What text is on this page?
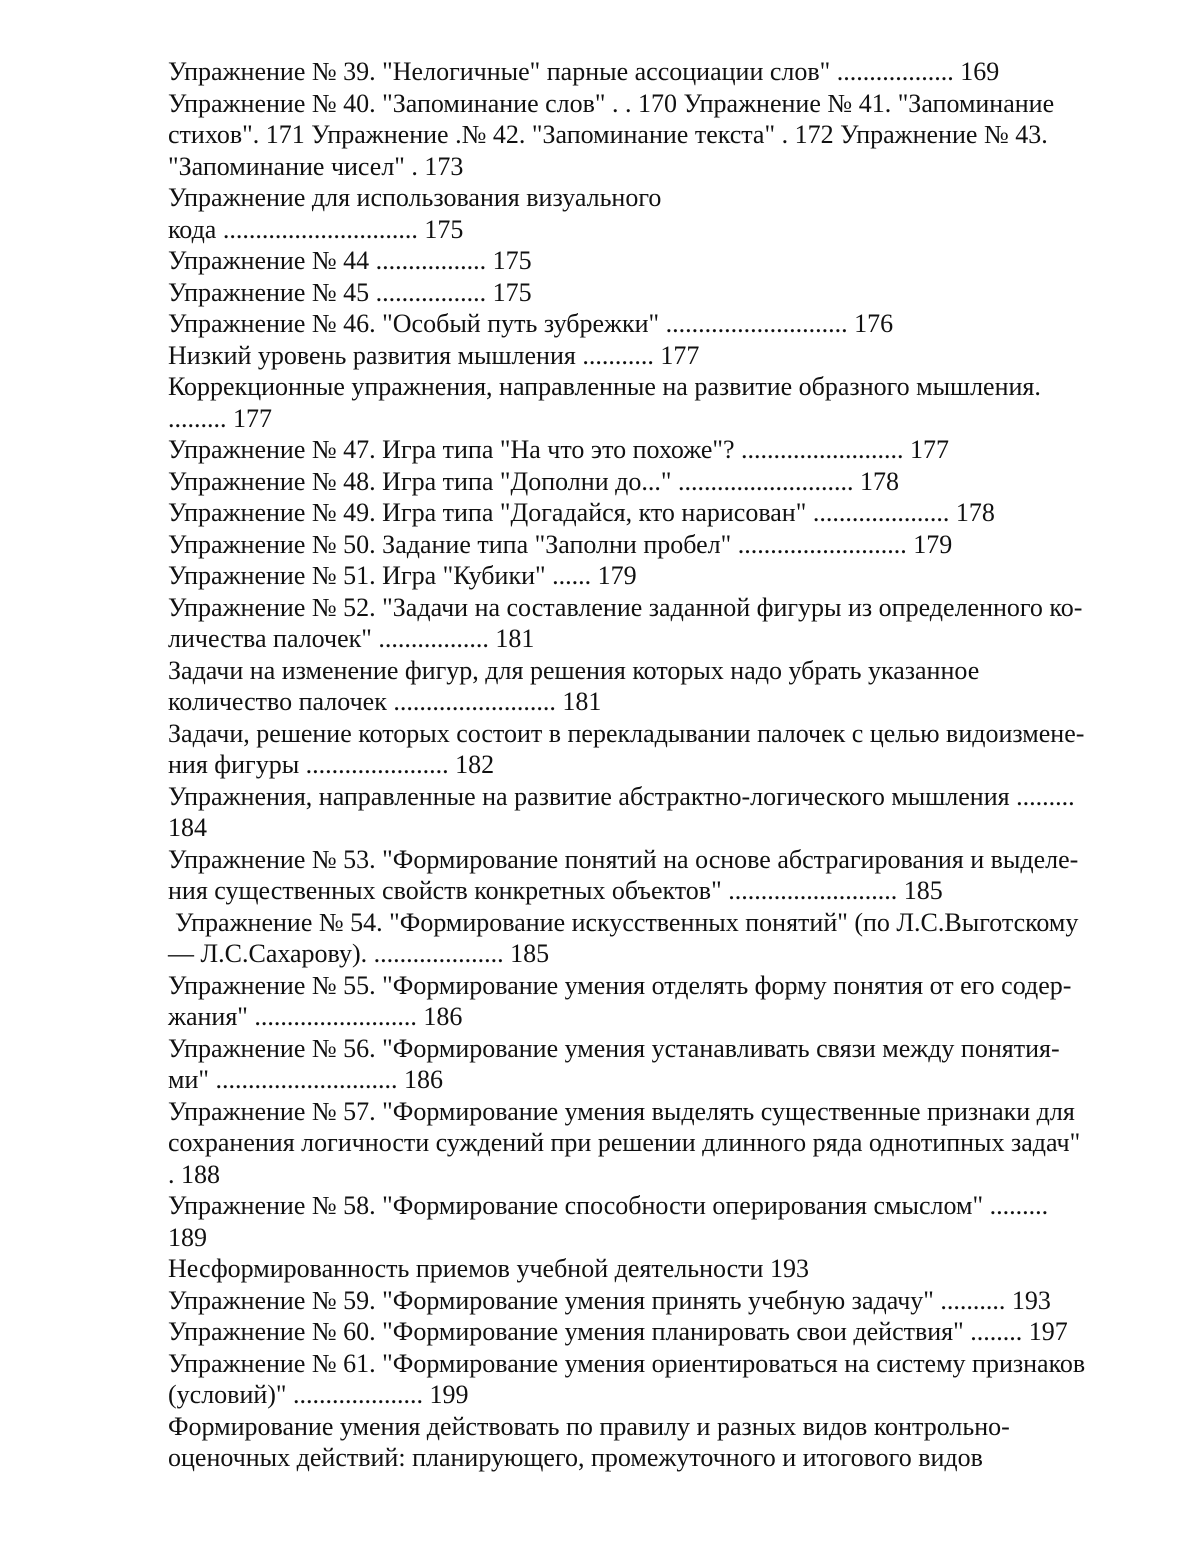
Упражнение № 39. "Нелогичные" парные ассоциации слов" .................. 169
Упражнение № 40. "Запоминание слов" . . 170 Упражнение № 41. "Запоминание
стихов". 171 Упражнение .№ 42. "Запоминание текста" . 172 Упражнение № 43.
"Запоминание чисел" . 173
Упражнение для использования визуального
кода .............................. 175
Упражнение № 44 ................. 175
Упражнение № 45 ................. 175
Упражнение № 46. "Особый путь зубрежки" ............................ 176
Низкий уровень развития мышления ........... 177
Коррекционные упражнения, направленные на развитие образного мышления.
......... 177
Упражнение № 47. Игра типа "На что это похоже"? ......................... 177
Упражнение № 48. Игра типа "Дополни до..." ........................... 178
Упражнение № 49. Игра типа "Догадайся, кто нарисован" ..................... 178
Упражнение № 50. Задание типа "Заполни пробел" .......................... 179
Упражнение № 51. Игра "Кубики" ...... 179
Упражнение № 52. "Задачи на составление заданной фигуры из определенного ко-
личества палочек" ................. 181
Задачи на изменение фигур, для решения которых надо убрать указанное
количество палочек ......................... 181
Задачи, решение которых состоит в перекладывании палочек с целью видоизмене-
ния фигуры ...................... 182
Упражнения, направленные на развитие абстрактно-логического мышления .........
184
Упражнение № 53. "Формирование понятий на основе абстрагирования и выделе-
ния существенных свойств конкретных объектов" .......................... 185
Упражнение № 54. "Формирование искусственных понятий" (по Л.С.Выготскому
— Л.С.Сахарову). .................... 185
Упражнение № 55. "Формирование умения отделять форму понятия от его содер-
жания" ......................... 186
Упражнение № 56. "Формирование умения устанавливать связи между понятия-
ми" ............................ 186
Упражнение № 57. "Формирование умения выделять существенные признаки для
сохранения логичности суждений при решении длинного ряда однотипных задач"
. 188
Упражнение № 58. "Формирование способности оперирования смыслом" .........
189
Несформированность приемов учебной деятельности 193
Упражнение № 59. "Формирование умения принять учебную задачу" .......... 193
Упражнение № 60. "Формирование умения планировать свои действия" ........ 197
Упражнение № 61. "Формирование умения ориентироваться на систему признаков
(условий)" .................... 199
Формирование умения действовать по правилу и разных видов контрольно-
оценочных действий: планирующего, промежуточного и итогового видов
